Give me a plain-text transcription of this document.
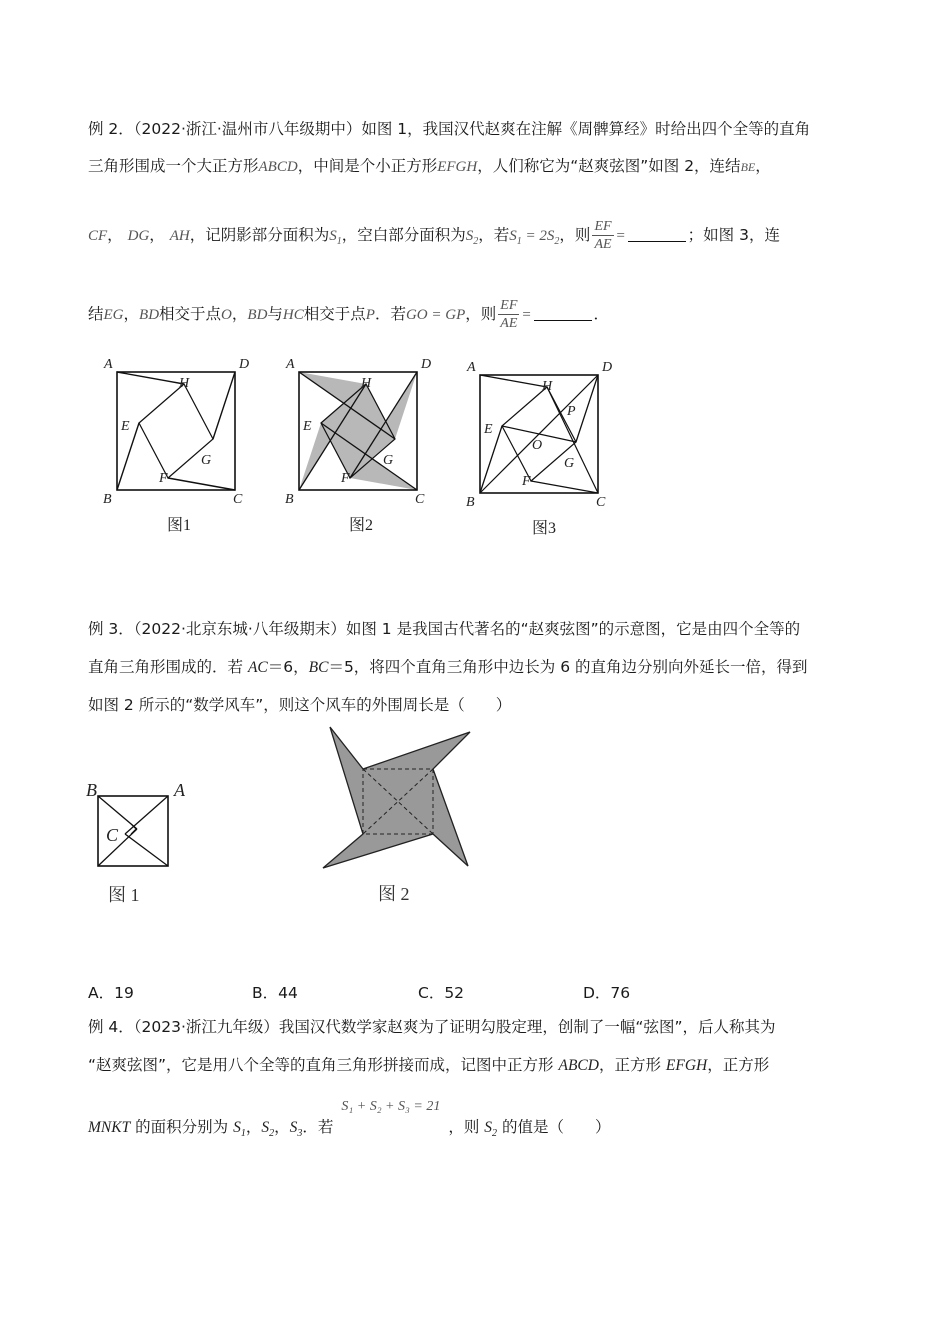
例 2．（2022·浙江·温州市八年级期中）如图 1，我国汉代赵爽在注解《周髀算经》时给出四个全等的直角
三角形围成一个大正方形ABCD，中间是个小正方形EFGH，人们称它为“赵爽弦图”如图 2，连结BE，
CF， DG， AH，记阴影部分面积为$S_1$，空白部分面积为$S_2$，若$S_1 = 2S_2$，则 $\frac{EF}{AE}$ =	；如图 3，连
结EG，BD相交于点O，BD与HC相交于点P．若GO = GP，则 $\frac{EF}{AE}$ =	．
A	D
B	C
E
H
G
F
图1
A	D
B	C
E
H
G
F
图2
A	D
B	C
E
H
G
F
O
P
图3
例 3．（2022·北京东城·八年级期末）如图 1 是我国古代著名的“赵爽弦图”的示意图，它是由四个全等的
直角三角形围成的．若 AC＝6，BC＝5，将四个直角三角形中边长为 6 的直角边分别向外延长一倍，得到
如图 2 所示的“数学风车”，则这个风车的外围周长是（　　）
B	A
C
图 1	图 2
A．19	B．44	C．52	D．76
例 4．（2023·浙江九年级）我国汉代数学家赵爽为了证明勾股定理，创制了一幅“弦图”，后人称其为
“赵爽弦图”，它是用八个全等的直角三角形拼接而成，记图中正方形 ABCD，正方形 EFGH，正方形
MNKT 的面积分别为 $S_1$，$S_2$，$S_3$．若S₁ + S₂ + S₃ = 21，则 $S_2$ 的值是（　　）
